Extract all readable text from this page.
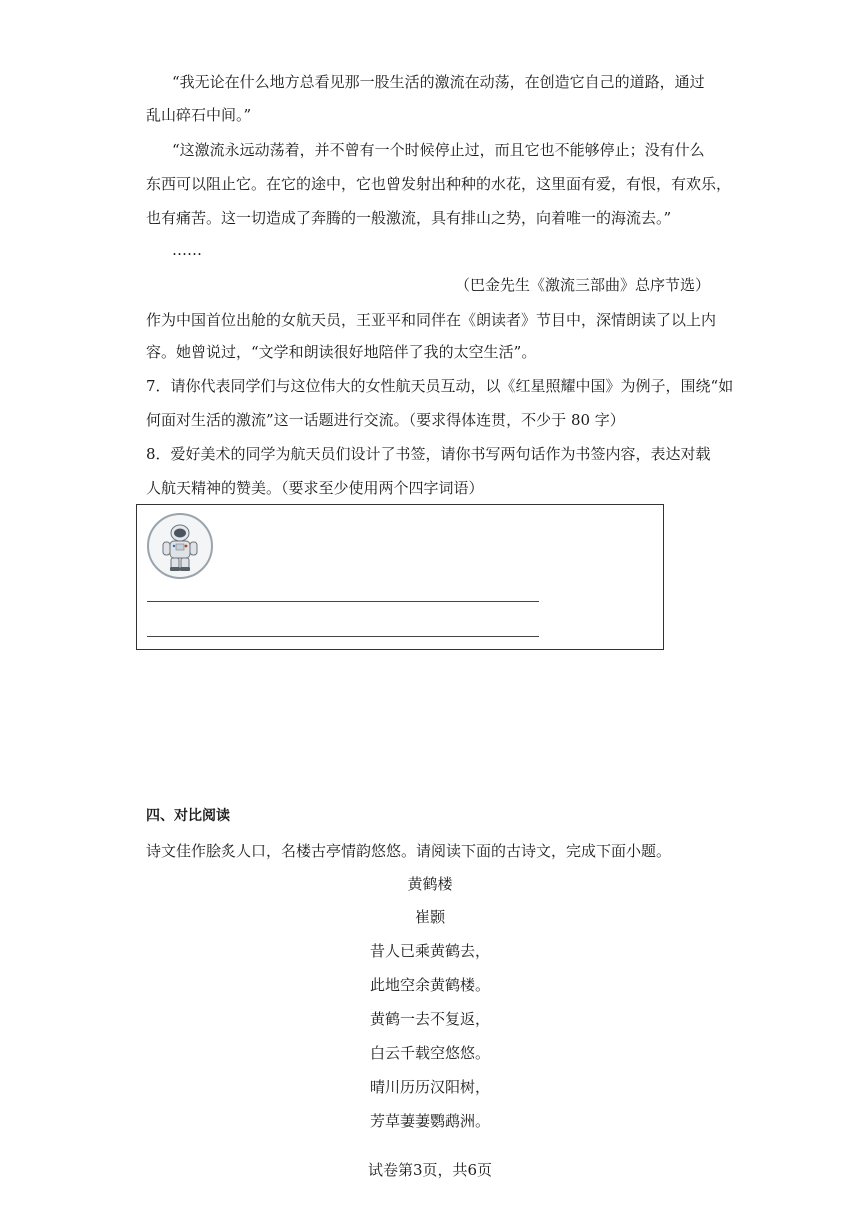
“我无论在什么地方总看见那一股生活的激流在动荡，在创造它自己的道路，通过
乱山碎石中间。”
“这激流永远动荡着，并不曾有一个时候停止过，而且它也不能够停止；没有什么
东西可以阻止它。在它的途中，它也曾发射出种种的水花，这里面有爱，有恨，有欢乐，
也有痛苦。这一切造成了奔腾的一般激流，具有排山之势，向着唯一的海流去。”
……
（巴金先生《激流三部曲》总序节选）
作为中国首位出舱的女航天员，王亚平和同伴在《朗读者》节目中，深情朗读了以上内
容。她曾说过，“文学和朗读很好地陪伴了我的太空生活”。
7．请你代表同学们与这位伟大的女性航天员互动，以《红星照耀中国》为例子，围绕“如
何面对生活的激流”这一话题进行交流。（要求得体连贯，不少于 80 字）
8．爱好美术的同学为航天员们设计了书签，请你书写两句话作为书签内容，表达对载
人航天精神的赞美。（要求至少使用两个四字词语）
四、对比阅读
诗文佳作脍炙人口，名楼古亭情韵悠悠。请阅读下面的古诗文，完成下面小题。
黄鹤楼
崔颢
昔人已乘黄鹤去，
此地空余黄鹤楼。
黄鹤一去不复返，
白云千载空悠悠。
晴川历历汉阳树，
芳草萋萋鹦鹉洲。
试卷第3页，共6页
